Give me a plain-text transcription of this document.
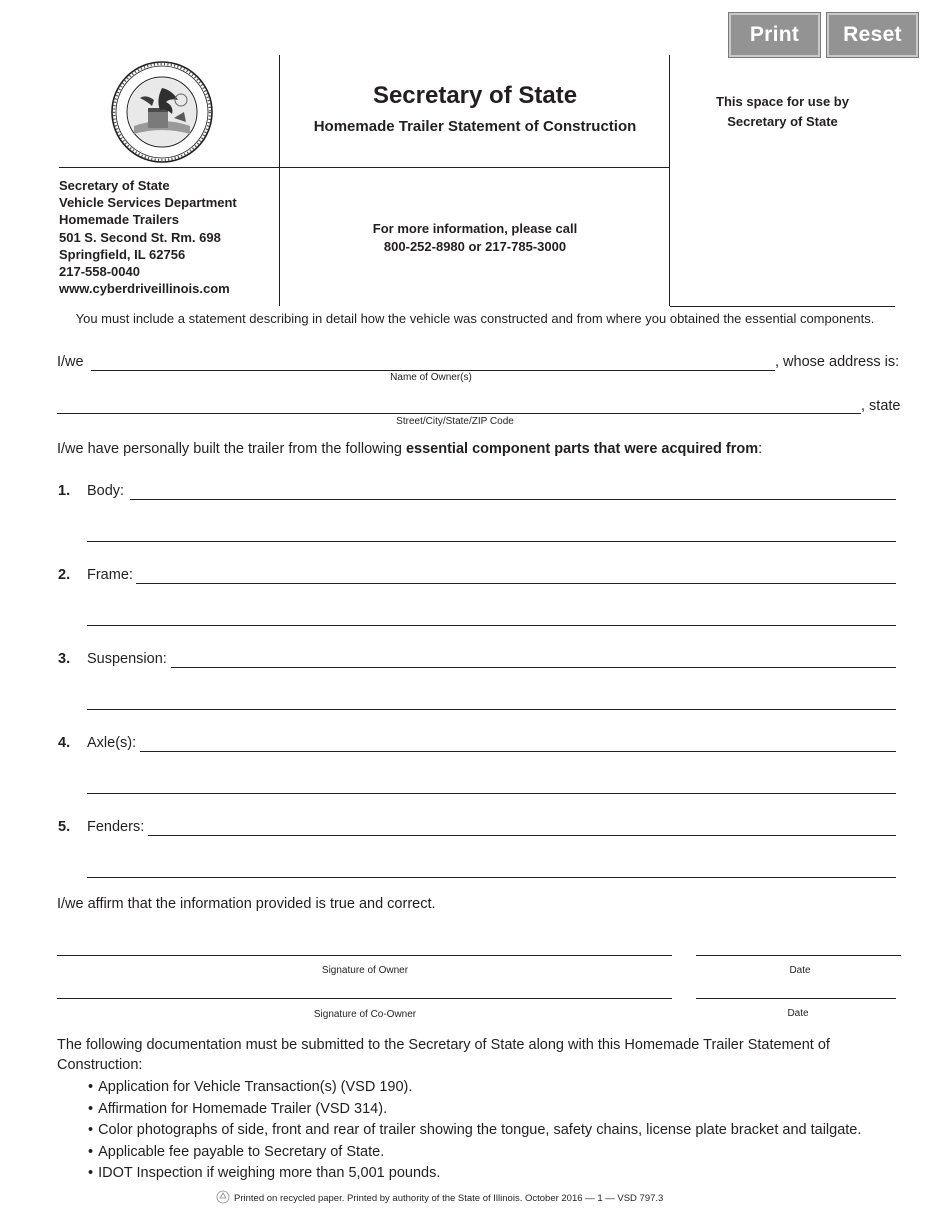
Print	Reset
Secretary of State
Vehicle Services Department
Homemade Trailers
501 S. Second St. Rm. 698
Springfield, IL 62756
217-558-0040
www.cyberdriveillinois.com
Secretary of State
Homemade Trailer Statement of Construction
For more information, please call
800-252-8980 or 217-785-3000
This space for use by
Secretary of State
You must include a statement describing in detail how the vehicle was constructed and from where you obtained the essential components.
I/we	, whose address is:
Name of Owner(s)
, state
Street/City/State/ZIP Code
I/we have personally built the trailer from the following essential component parts that were acquired from:
1. Body:
2. Frame:
3. Suspension:
4. Axle(s):
5. Fenders:
I/we affirm that the information provided is true and correct.
Signature of Owner	Date
Signature of Co-Owner	Date
The following documentation must be submitted to the Secretary of State along with this Homemade Trailer Statement of Construction:
• Application for Vehicle Transaction(s) (VSD 190).
• Affirmation for Homemade Trailer (VSD 314).
• Color photographs of side, front and rear of trailer showing the tongue, safety chains, license plate bracket and tailgate.
• Applicable fee payable to Secretary of State.
• IDOT Inspection if weighing more than 5,001 pounds.
Printed on recycled paper. Printed by authority of the State of Illinois. October 2016 — 1 — VSD 797.3
